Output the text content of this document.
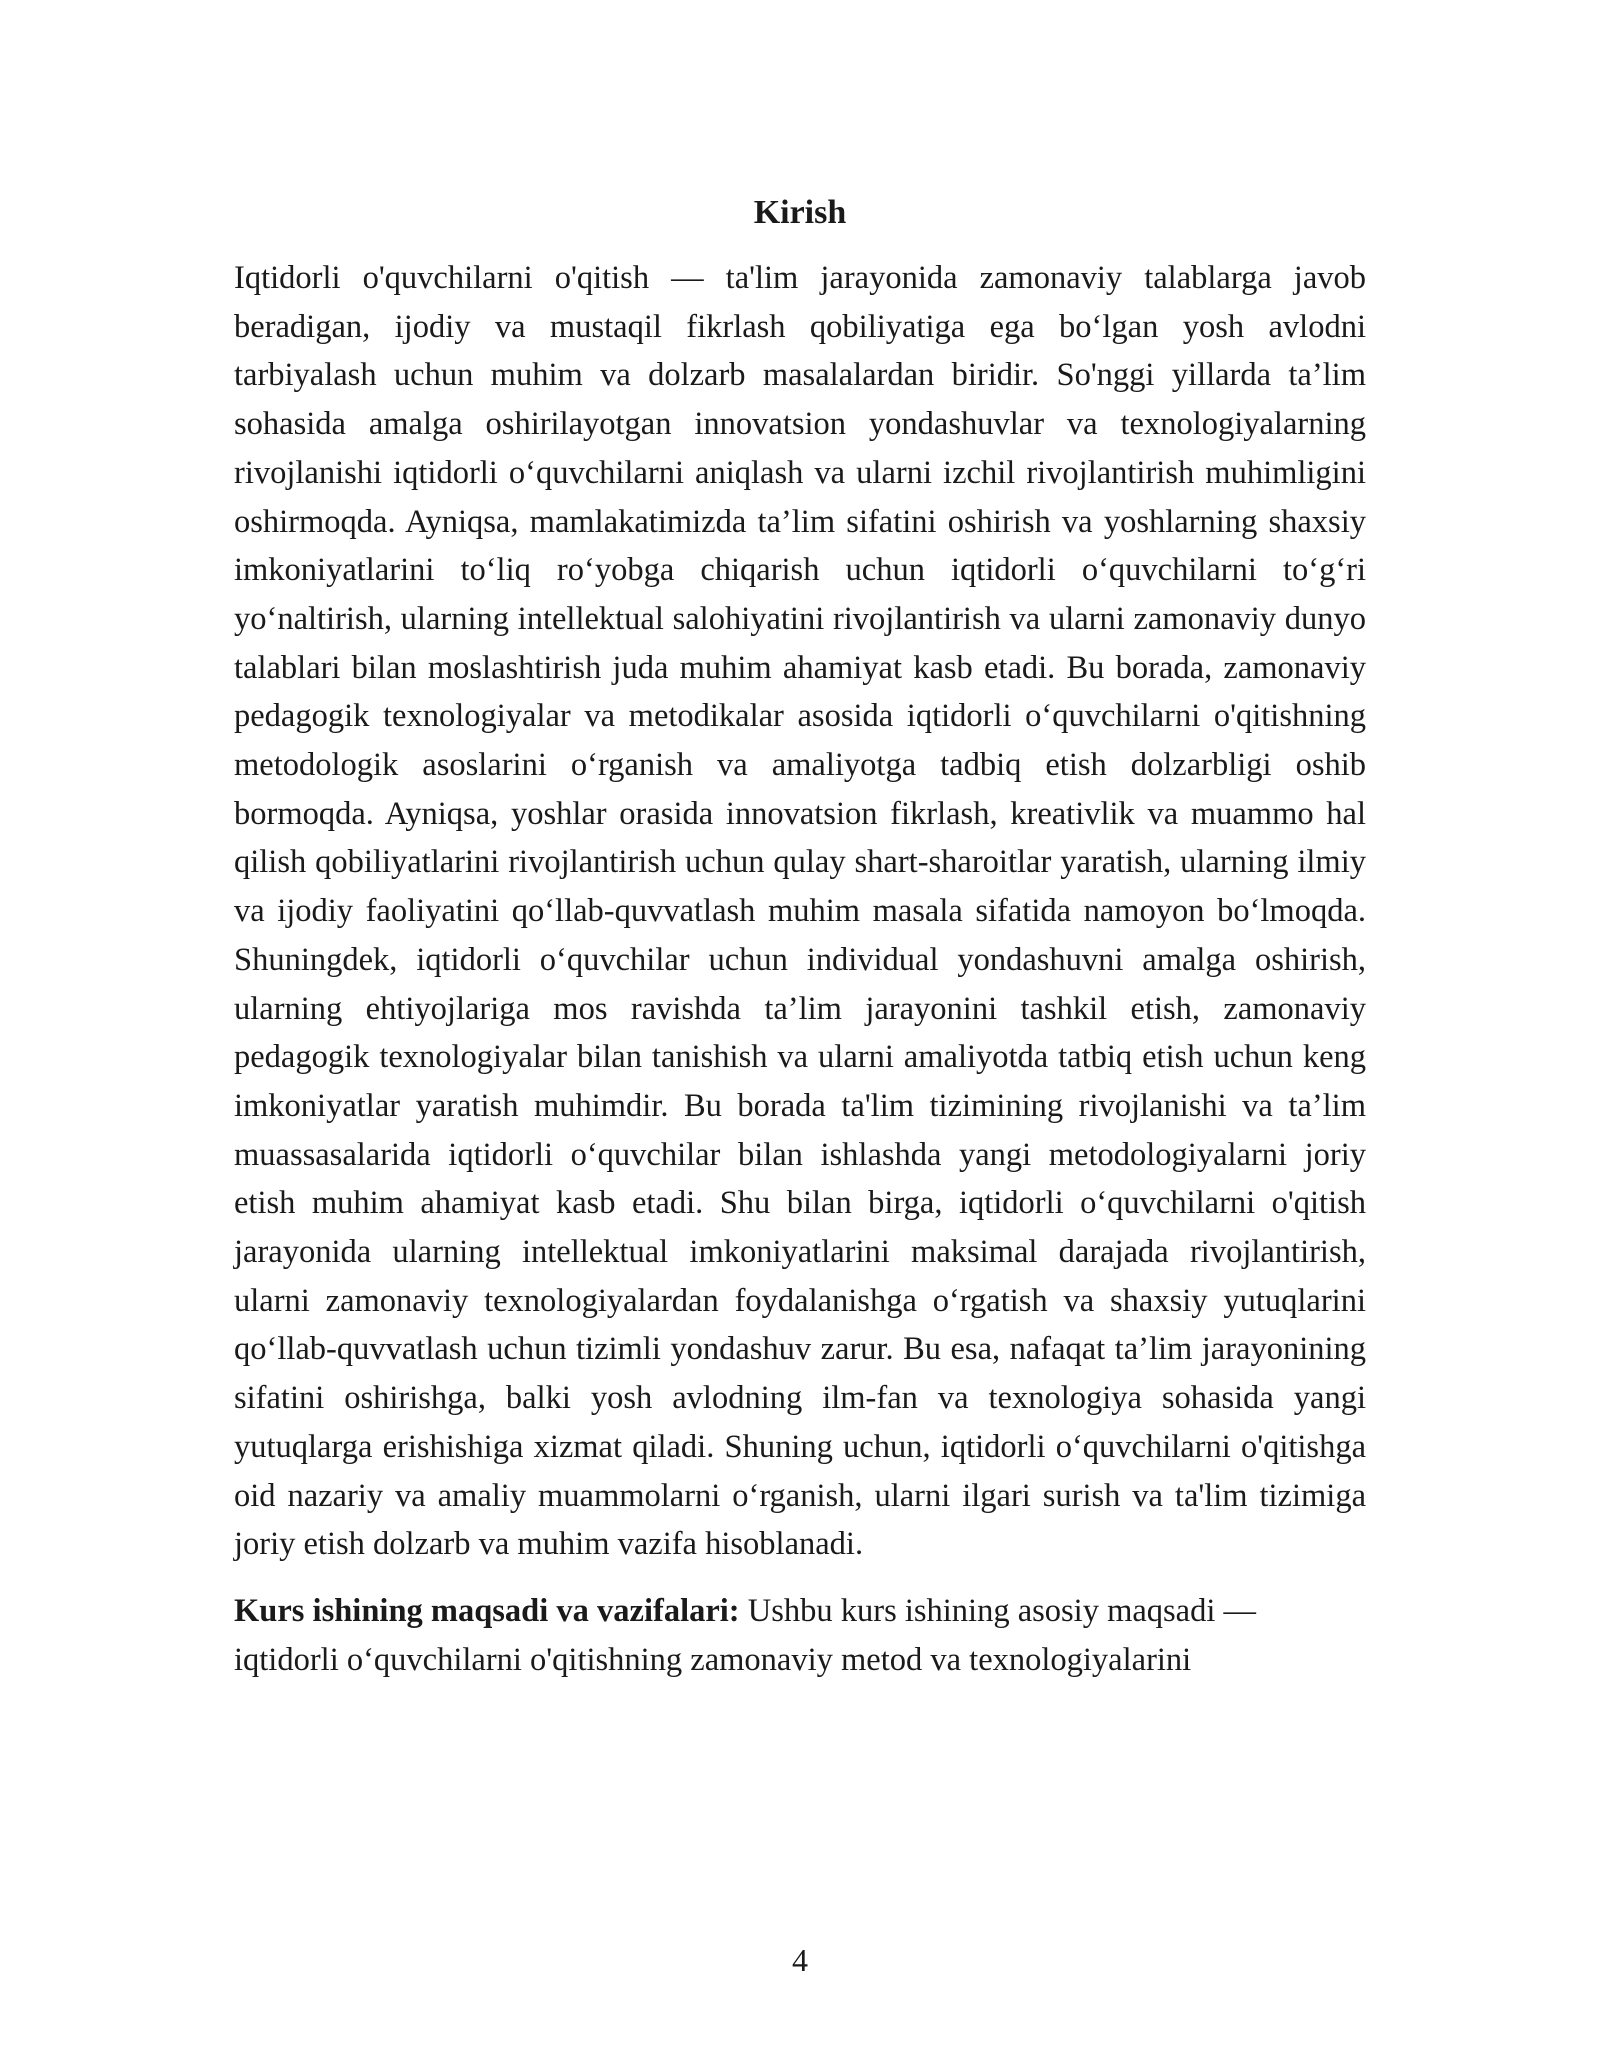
Kirish

Iqtidorli o'quvchilarni o'qitish — ta'lim jarayonida zamonaviy talablarga javob beradigan, ijodiy va mustaqil fikrlash qobiliyatiga ega bo‘lgan yosh avlodni tarbiyalash uchun muhim va dolzarb masalalardan biridir. So'nggi yillarda ta’lim sohasida amalga oshirilayotgan innovatsion yondashuvlar va texnologiyalarning rivojlanishi iqtidorli o‘quvchilarni aniqlash va ularni izchil rivojlantirish muhimligini oshirmoqda. Ayniqsa, mamlakatimizda ta’lim sifatini oshirish va yoshlarning shaxsiy imkoniyatlarini to‘liq ro‘yobga chiqarish uchun iqtidorli o‘quvchilarni to‘g‘ri yo‘naltirish, ularning intellektual salohiyatini rivojlantirish va ularni zamonaviy dunyo talablari bilan moslashtirish juda muhim ahamiyat kasb etadi. Bu borada, zamonaviy pedagogik texnologiyalar va metodikalar asosida iqtidorli o‘quvchilarni o'qitishning metodologik asoslarini o‘rganish va amaliyotga tadbiq etish dolzarbligi oshib bormoqda. Ayniqsa, yoshlar orasida innovatsion fikrlash, kreativlik va muammo hal qilish qobiliyatlarini rivojlantirish uchun qulay shart-sharoitlar yaratish, ularning ilmiy va ijodiy faoliyatini qo‘llab-quvvatlash muhim masala sifatida namoyon bo‘lmoqda. Shuningdek, iqtidorli o‘quvchilar uchun individual yondashuvni amalga oshirish, ularning ehtiyojlariga mos ravishda ta’lim jarayonini tashkil etish, zamonaviy pedagogik texnologiyalar bilan tanishish va ularni amaliyotda tatbiq etish uchun keng imkoniyatlar yaratish muhimdir. Bu borada ta'lim tizimining rivojlanishi va ta’lim muassasalarida iqtidorli o‘quvchilar bilan ishlashda yangi metodologiyalarni joriy etish muhim ahamiyat kasb etadi. Shu bilan birga, iqtidorli o‘quvchilarni o'qitish jarayonida ularning intellektual imkoniyatlarini maksimal darajada rivojlantirish, ularni zamonaviy texnologiyalardan foydalanishga o‘rgatish va shaxsiy yutuqlarini qo‘llab-quvvatlash uchun tizimli yondashuv zarur. Bu esa, nafaqat ta’lim jarayonining sifatini oshirishga, balki yosh avlodning ilm-fan va texnologiya sohasida yangi yutuqlarga erishishiga xizmat qiladi. Shuning uchun, iqtidorli o‘quvchilarni o'qitishga oid nazariy va amaliy muammolarni o‘rganish, ularni ilgari surish va ta'lim tizimiga joriy etish dolzarb va muhim vazifa hisoblanadi.

Kurs ishining maqsadi va vazifalari: Ushbu kurs ishining asosiy maqsadi — iqtidorli o‘quvchilarni o'qitishning zamonaviy metod va texnologiyalarini

4
